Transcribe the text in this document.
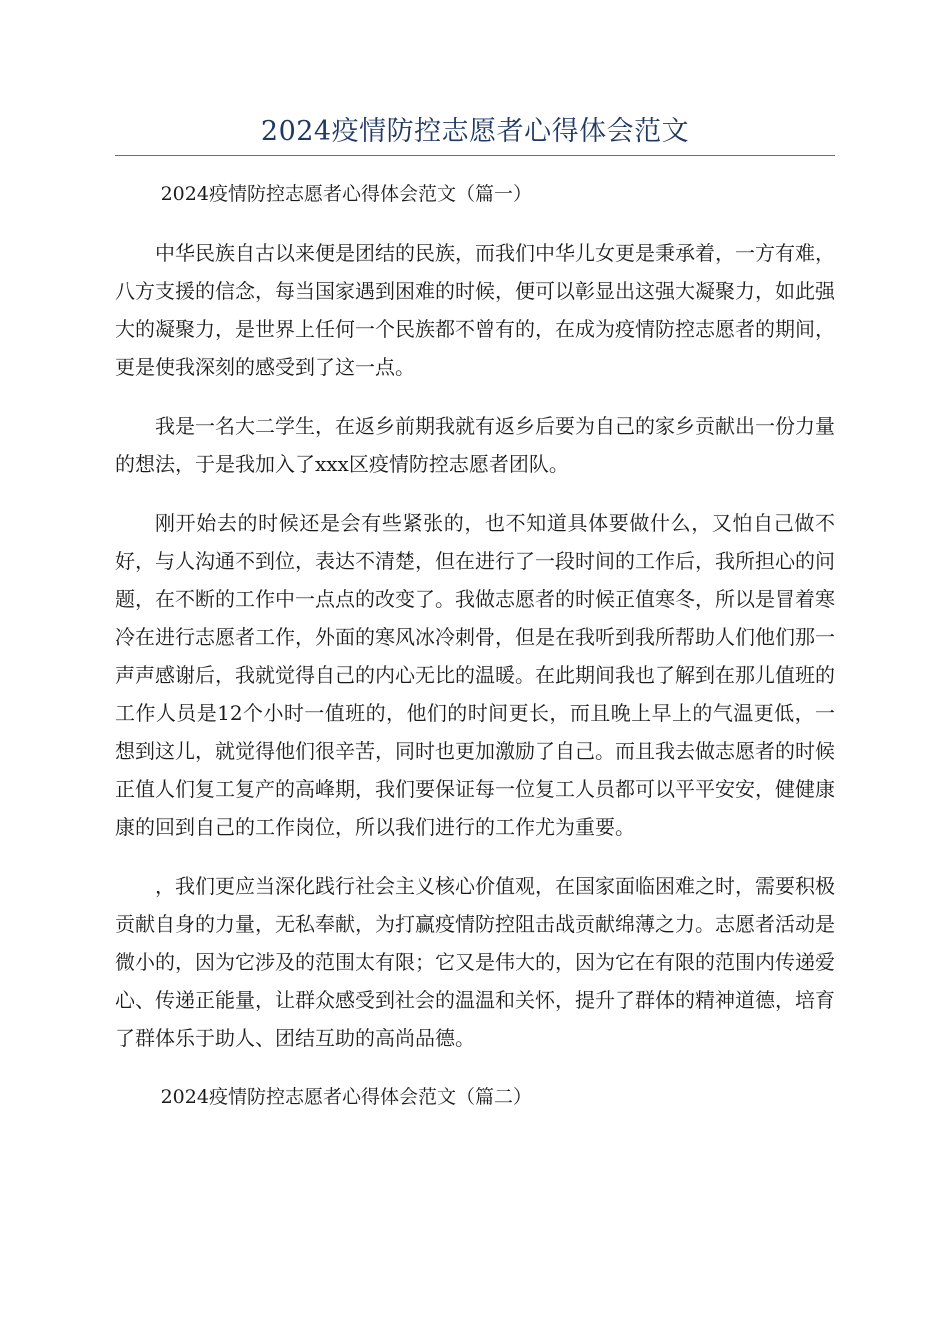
2024疫情防控志愿者心得体会范文

2024疫情防控志愿者心得体会范文（篇一）

中华民族自古以来便是团结的民族，而我们中华儿女更是秉承着，一方有难，八方支援的信念，每当国家遇到困难的时候，便可以彰显出这强大凝聚力，如此强大的凝聚力，是世界上任何一个民族都不曾有的，在成为疫情防控志愿者的期间，更是使我深刻的感受到了这一点。

我是一名大二学生，在返乡前期我就有返乡后要为自己的家乡贡献出一份力量的想法，于是我加入了xxx区疫情防控志愿者团队。

刚开始去的时候还是会有些紧张的，也不知道具体要做什么，又怕自己做不好，与人沟通不到位，表达不清楚，但在进行了一段时间的工作后，我所担心的问题，在不断的工作中一点点的改变了。我做志愿者的时候正值寒冬，所以是冒着寒冷在进行志愿者工作，外面的寒风冰冷刺骨，但是在我听到我所帮助人们他们那一声声感谢后，我就觉得自己的内心无比的温暖。在此期间我也了解到在那儿值班的工作人员是12个小时一值班的，他们的时间更长，而且晚上早上的气温更低，一想到这儿，就觉得他们很辛苦，同时也更加激励了自己。而且我去做志愿者的时候正值人们复工复产的高峰期，我们要保证每一位复工人员都可以平平安安，健健康康的回到自己的工作岗位，所以我们进行的工作尤为重要。

，我们更应当深化践行社会主义核心价值观，在国家面临困难之时，需要积极贡献自身的力量，无私奉献，为打赢疫情防控阻击战贡献绵薄之力。志愿者活动是微小的，因为它涉及的范围太有限；它又是伟大的，因为它在有限的范围内传递爱心、传递正能量，让群众感受到社会的温温和关怀，提升了群体的精神道德，培育了群体乐于助人、团结互助的高尚品德。

2024疫情防控志愿者心得体会范文（篇二）
